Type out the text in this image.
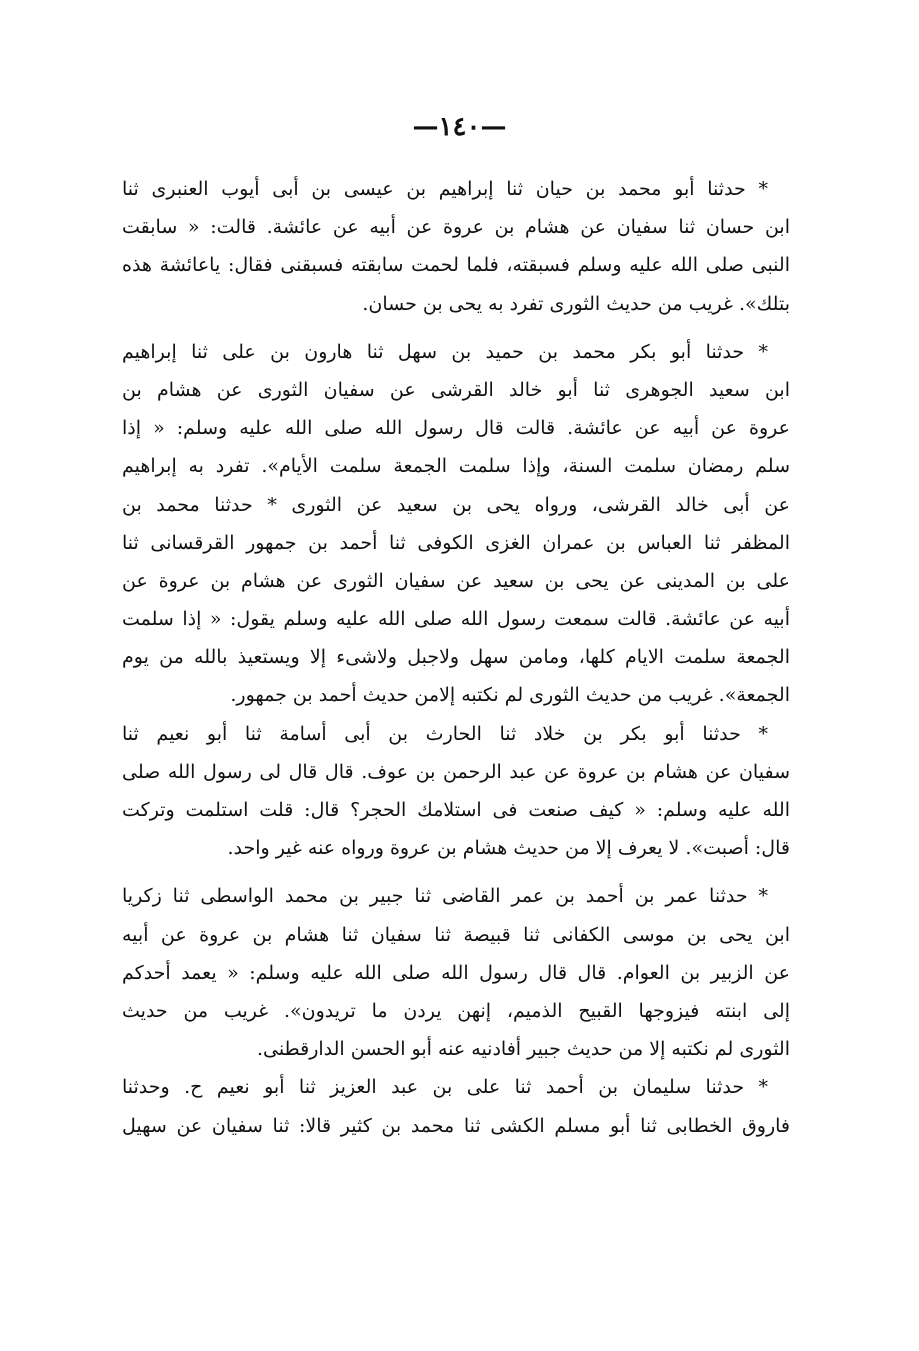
—١٤٠—
* حدثنا أبو محمد بن حيان ثنا إبراهيم بن عيسى بن أبى أيوب العنبرى ثنا
ابن حسان ثنا سفيان عن هشام بن عروة عن أبيه عن عائشة. قالت: « سابقت
النبى صلى الله عليه وسلم فسبقته، فلما لحمت سابقته فسبقنى فقال: ياعائشة هذه
بتلك». غريب من حديث الثورى تفرد به يحى بن حسان.
* حدثنا أبو بكر محمد بن حميد بن سهل ثنا هارون بن على ثنا إبراهيم
ابن سعيد الجوهرى ثنا أبو خالد القرشى عن سفيان الثورى عن هشام بن
عروة عن أبيه عن عائشة. قالت قال رسول الله صلى الله عليه وسلم: « إذا
سلم رمضان سلمت السنة، وإذا سلمت الجمعة سلمت الأيام». تفرد به إبراهيم
عن أبى خالد القرشى، ورواه يحى بن سعيد عن الثورى * حدثنا محمد بن
المظفر ثنا العباس بن عمران الغزى الكوفى ثنا أحمد بن جمهور القرقسانى ثنا
على بن المدينى عن يحى بن سعيد عن سفيان الثورى عن هشام بن عروة عن
أبيه عن عائشة. قالت سمعت رسول الله صلى الله عليه وسلم يقول: « إذا سلمت
الجمعة سلمت الايام كلها، ومامن سهل ولاجبل ولاشىء إلا ويستعيذ بالله من يوم
الجمعة». غريب من حديث الثورى لم نكتبه إلامن حديث أحمد بن جمهور.
* حدثنا أبو بكر بن خلاد ثنا الحارث بن أبى أسامة ثنا أبو نعيم ثنا
سفيان عن هشام بن عروة عن عبد الرحمن بن عوف. قال قال لى رسول الله صلى
الله عليه وسلم: « كيف صنعت فى استلامك الحجر؟ قال: قلت استلمت وتركت
قال: أصبت». لا يعرف إلا من حديث هشام بن عروة ورواه عنه غير واحد.
* حدثنا عمر بن أحمد بن عمر القاضى ثنا جبير بن محمد الواسطى ثنا زكريا
ابن يحى بن موسى الكفانى ثنا قبيصة ثنا سفيان ثنا هشام بن عروة عن أبيه
عن الزبير بن العوام. قال قال رسول الله صلى الله عليه وسلم: « يعمد أحدكم
إلى ابنته فيزوجها القبيح الذميم، إنهن يردن ما تريدون». غريب من حديث
الثورى لم نكتبه إلا من حديث جبير أفادنيه عنه أبو الحسن الدارقطنى.
* حدثنا سليمان بن أحمد ثنا على بن عبد العزيز ثنا أبو نعيم ح. وحدثنا
فاروق الخطابى ثنا أبو مسلم الكشى ثنا محمد بن كثير قالا: ثنا سفيان عن سهيل
